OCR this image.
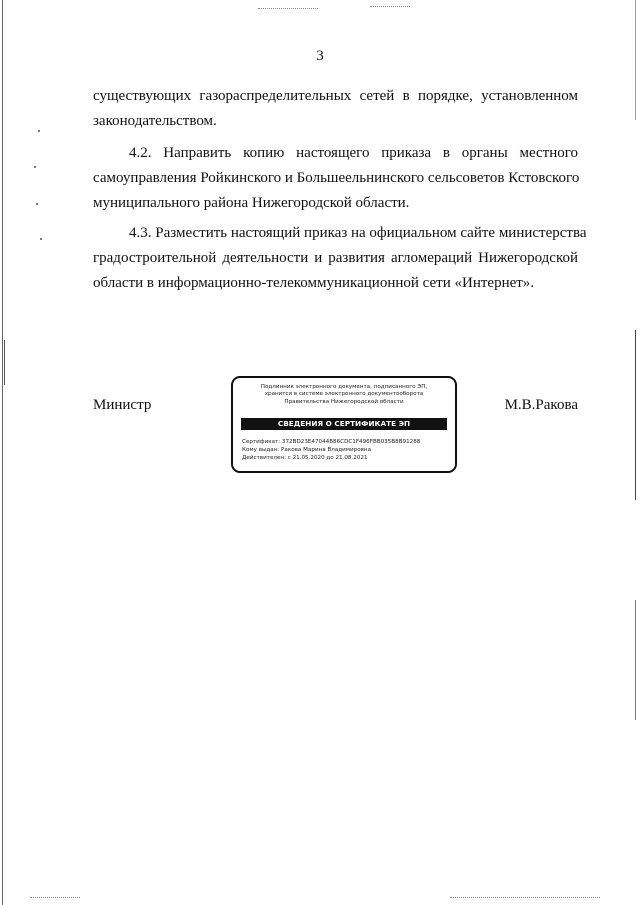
3
существующих газораспределительных сетей в порядке, установленном
законодательством.
4.2. Направить копию настоящего приказа в органы местного
самоуправления Ройкинского и Большеельнинского сельсоветов Кстовского
муниципального района Нижегородской области.
4.3. Разместить настоящий приказ на официальном сайте министерства
градостроительной деятельности и развития агломераций Нижегородской
области в информационно-телекоммуникационной сети «Интернет».
Министр	М.В.Ракова
Подлинник электронного документа, подписанного ЭП,
хранится в системе электронного документооборота
Правительства Нижегородской области
СВЕДЕНИЯ О СЕРТИФИКАТЕ ЭП
Сертификат: 372BD23E47044B86CDC1F496FBB035B8B91288
Кому выдан: Ракова Марина Владимировна
Действителен: с 21.05.2020 до 21.08.2021
